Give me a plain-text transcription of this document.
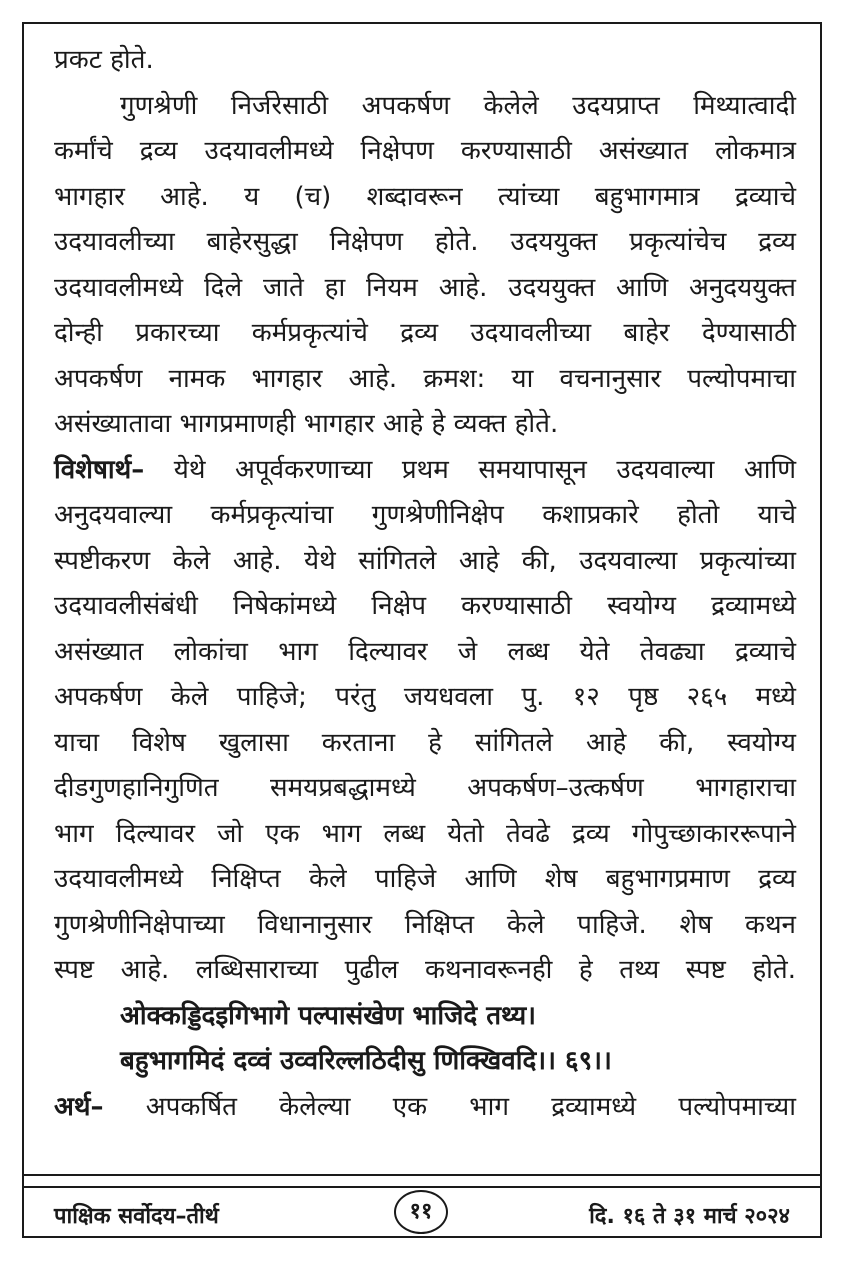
प्रकट होते.
गुणश्रेणी निर्जरेसाठी अपकर्षण केलेले उदयप्राप्त मिथ्यात्वादी
कर्मांचे द्रव्य उदयावलीमध्ये निक्षेपण करण्यासाठी असंख्यात लोकमात्र
भागहार आहे. य (च) शब्दावरून त्यांच्या बहुभागमात्र द्रव्याचे
उदयावलीच्या बाहेरसुद्धा निक्षेपण होते. उदययुक्त प्रकृत्यांचेच द्रव्य
उदयावलीमध्ये दिले जाते हा नियम आहे. उदययुक्त आणि अनुदययुक्त
दोन्ही प्रकारच्या कर्मप्रकृत्यांचे द्रव्य उदयावलीच्या बाहेर देण्यासाठी
अपकर्षण नामक भागहार आहे. क्रमश: या वचनानुसार पल्योपमाचा
असंख्यातावा भागप्रमाणही भागहार आहे हे व्यक्त होते.
विशेषार्थ– येथे अपूर्वकरणाच्या प्रथम समयापासून उदयवाल्या आणि
अनुदयवाल्या कर्मप्रकृत्यांचा गुणश्रेणीनिक्षेप कशाप्रकारे होतो याचे
स्पष्टीकरण केले आहे. येथे सांगितले आहे की, उदयवाल्या प्रकृत्यांच्या
उदयावलीसंबंधी निषेकांमध्ये निक्षेप करण्यासाठी स्वयोग्य द्रव्यामध्ये
असंख्यात लोकांचा भाग दिल्यावर जे लब्ध येते तेवढ्या द्रव्याचे
अपकर्षण केले पाहिजे; परंतु जयधवला पु. १२ पृष्ठ २६५ मध्ये
याचा विशेष खुलासा करताना हे सांगितले आहे की, स्वयोग्य
दीडगुणहानिगुणित समयप्रबद्धामध्ये अपकर्षण–उत्कर्षण भागहाराचा
भाग दिल्यावर जो एक भाग लब्ध येतो तेवढे द्रव्य गोपुच्छाकाररूपाने
उदयावलीमध्ये निक्षिप्त केले पाहिजे आणि शेष बहुभागप्रमाण द्रव्य
गुणश्रेणीनिक्षेपाच्या विधानानुसार निक्षिप्त केले पाहिजे. शेष कथन
स्पष्ट आहे. लब्धिसाराच्या पुढील कथनावरूनही हे तथ्य स्पष्ट होते.
ओक्कड्डिदइगिभागे पल्पासंखेण भाजिदे तथ्य।
बहुभागमिदं दव्वं उव्वरिल्लठिदीसु णिक्खिवदि।। ६९।।
अर्थ– अपकर्षित केलेल्या एक भाग द्रव्यामध्ये पल्योपमाच्या
पाक्षिक सर्वोदय–तीर्थ	११	दि. १६ ते ३१ मार्च २०२४
